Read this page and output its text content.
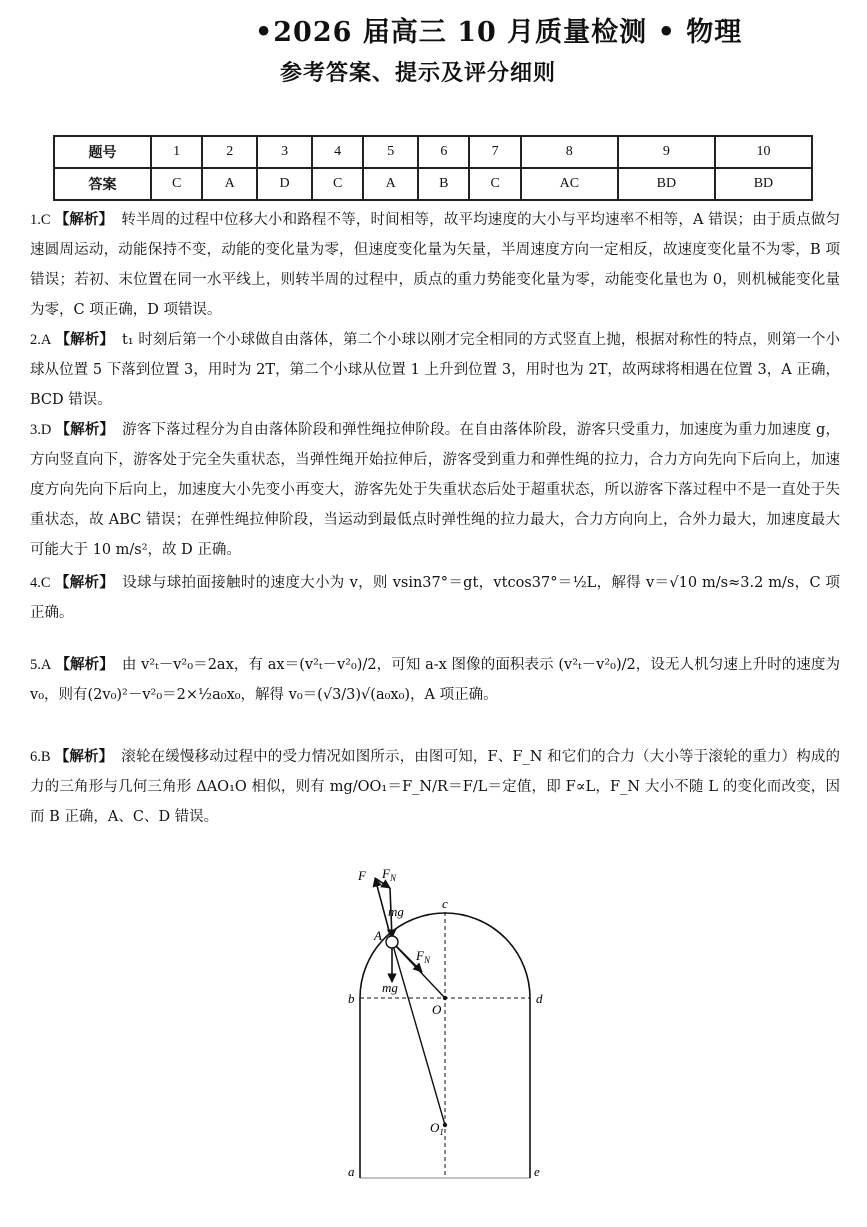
•2026 届高三 10 月质量检测 • 物理
参考答案、提示及评分细则
题号	1	2	3	4	5	6	7	8	9	10
答案	C	A	D	C	A	B	C	AC	BD	BD
1.C 【解析】 转半周的过程中位移大小和路程不等，时间相等，故平均速度的大小与平均速率不相等，A 错误；由于质点做匀速圆周运动，动能保持不变，动能的变化量为零，但速度变化量为矢量，半周速度方向一定相反，故速度变化量不为零，B 项错误；若初、末位置在同一水平线上，则转半周的过程中，质点的重力势能变化量为零，动能变化量也为 0，则机械能变化量为零，C 项正确，D 项错误。
2.A 【解析】 t₁ 时刻后第一个小球做自由落体，第二个小球以刚才完全相同的方式竖直上抛，根据对称性的特点，则第一个小球从位置 5 下落到位置 3，用时为 2T，第二个小球从位置 1 上升到位置 3，用时也为 2T，故两球将相遇在位置 3，A 正确，BCD 错误。
3.D 【解析】 游客下落过程分为自由落体阶段和弹性绳拉伸阶段。在自由落体阶段，游客只受重力，加速度为重力加速度 g，方向竖直向下，游客处于完全失重状态，当弹性绳开始拉伸后，游客受到重力和弹性绳的拉力，合力方向先向下后向上，加速度方向先向下后向上，加速度大小先变小再变大，游客先处于失重状态后处于超重状态，所以游客下落过程中不是一直处于失重状态，故 ABC 错误；在弹性绳拉伸阶段，当运动到最低点时弹性绳的拉力最大，合力方向向上，合外力最大，加速度最大可能大于 10 m/s²，故 D 正确。
4.C 【解析】 设球与球拍面接触时的速度大小为 v，则 vsin37°＝gt，vtcos37°＝½L，解得 v＝√10 m/s≈3.2 m/s，C 项正确。
5.A 【解析】 由 v²ₜ－v²₀＝2ax，有 ax＝(v²ₜ－v²₀)/2，可知 a-x 图像的面积表示 (v²ₜ－v²₀)/2，设无人机匀速上升时的速度为 v₀，则有(2v₀)²－v²₀＝2×½a₀x₀，解得 v₀＝(√3/3)√(a₀x₀)，A 项正确。
6.B 【解析】 滚轮在缓慢移动过程中的受力情况如图所示，由图可知，F、F_N 和它们的合力（大小等于滚轮的重力）构成的力的三角形与几何三角形 ΔAO₁O 相似，则有 mg/OO₁＝F_N/R＝F/L＝定值，即 F∝L，F_N 大小不随 L 的变化而改变，因而 B 正确，A、C、D 错误。
F $F_N$
mg
A
c
$F_N$
mg
b	d
O
$O_1$
a	e
